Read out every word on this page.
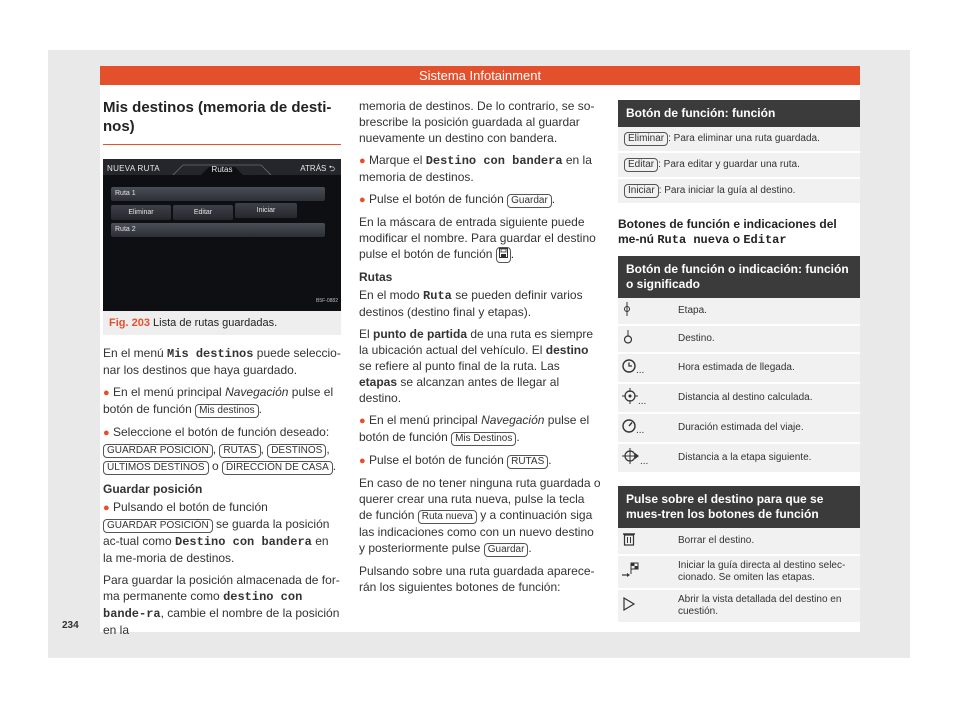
Sistema Infotainment
234
Mis destinos (memoria de desti-nos)
NUEVA RUTA	Rutas	ATRÁS ⮌
Ruta 1
Eliminar	Editar	Iniciar
Ruta 2
B5F-0882
Fig. 203 Lista de rutas guardadas.

En el menú Mis destinos puede seleccio-nar los destinos que haya guardado.

● En el menú principal Navegación pulse el botón de función Mis destinos .

● Seleccione el botón de función deseado: GUARDAR POSICIÓN , RUTAS , DESTINOS , ÚLTIMOS DESTINOS o DIRECCIÓN DE CASA .

Guardar posición

● Pulsando el botón de función GUARDAR POSICIÓN se guarda la posición ac-tual como Destino con bandera en la me-moria de destinos.

Para guardar la posición almacenada de for-ma permanente como destino con bande-ra, cambie el nombre de la posición en la

memoria de destinos. De lo contrario, se so-brescribe la posición guardada al guardar nuevamente un destino con bandera.

● Marque el Destino con bandera en la memoria de destinos.

● Pulse el botón de función Guardar .

En la máscara de entrada siguiente puede modificar el nombre. Para guardar el destino pulse el botón de función .

Rutas

En el modo Ruta se pueden definir varios destinos (destino final y etapas).

El punto de partida de una ruta es siempre la ubicación actual del vehículo. El destino se refiere al punto final de la ruta. Las etapas se alcanzan antes de llegar al destino.

● En el menú principal Navegación pulse el botón de función Mis Destinos .

● Pulse el botón de función RUTAS .

En caso de no tener ninguna ruta guardada o querer crear una ruta nueva, pulse la tecla de función Ruta nueva y a continuación siga las indicaciones como con un nuevo destino y posteriormente pulse Guardar .

Pulsando sobre una ruta guardada aparece-rán los siguientes botones de función:

Botón de función: función
Eliminar : Para eliminar una ruta guardada.
Editar : Para editar y guardar una ruta.
Iniciar : Para iniciar la guía al destino.
Botones de función e indicaciones del me-nú Ruta nueva o Editar
Botón de función o indicación: función o significado	
	Etapa.
	Destino.
...	Hora estimada de llegada.
...	Distancia al destino calculada.
...	Duración estimada del viaje.
...	Distancia a la etapa siguiente.
Pulse sobre el destino para que se mues-tren los botones de función	
	Borrar el destino.
	Iniciar la guía directa al destino selec-cionado. Se omiten las etapas.
	Abrir la vista detallada del destino en cuestión.
